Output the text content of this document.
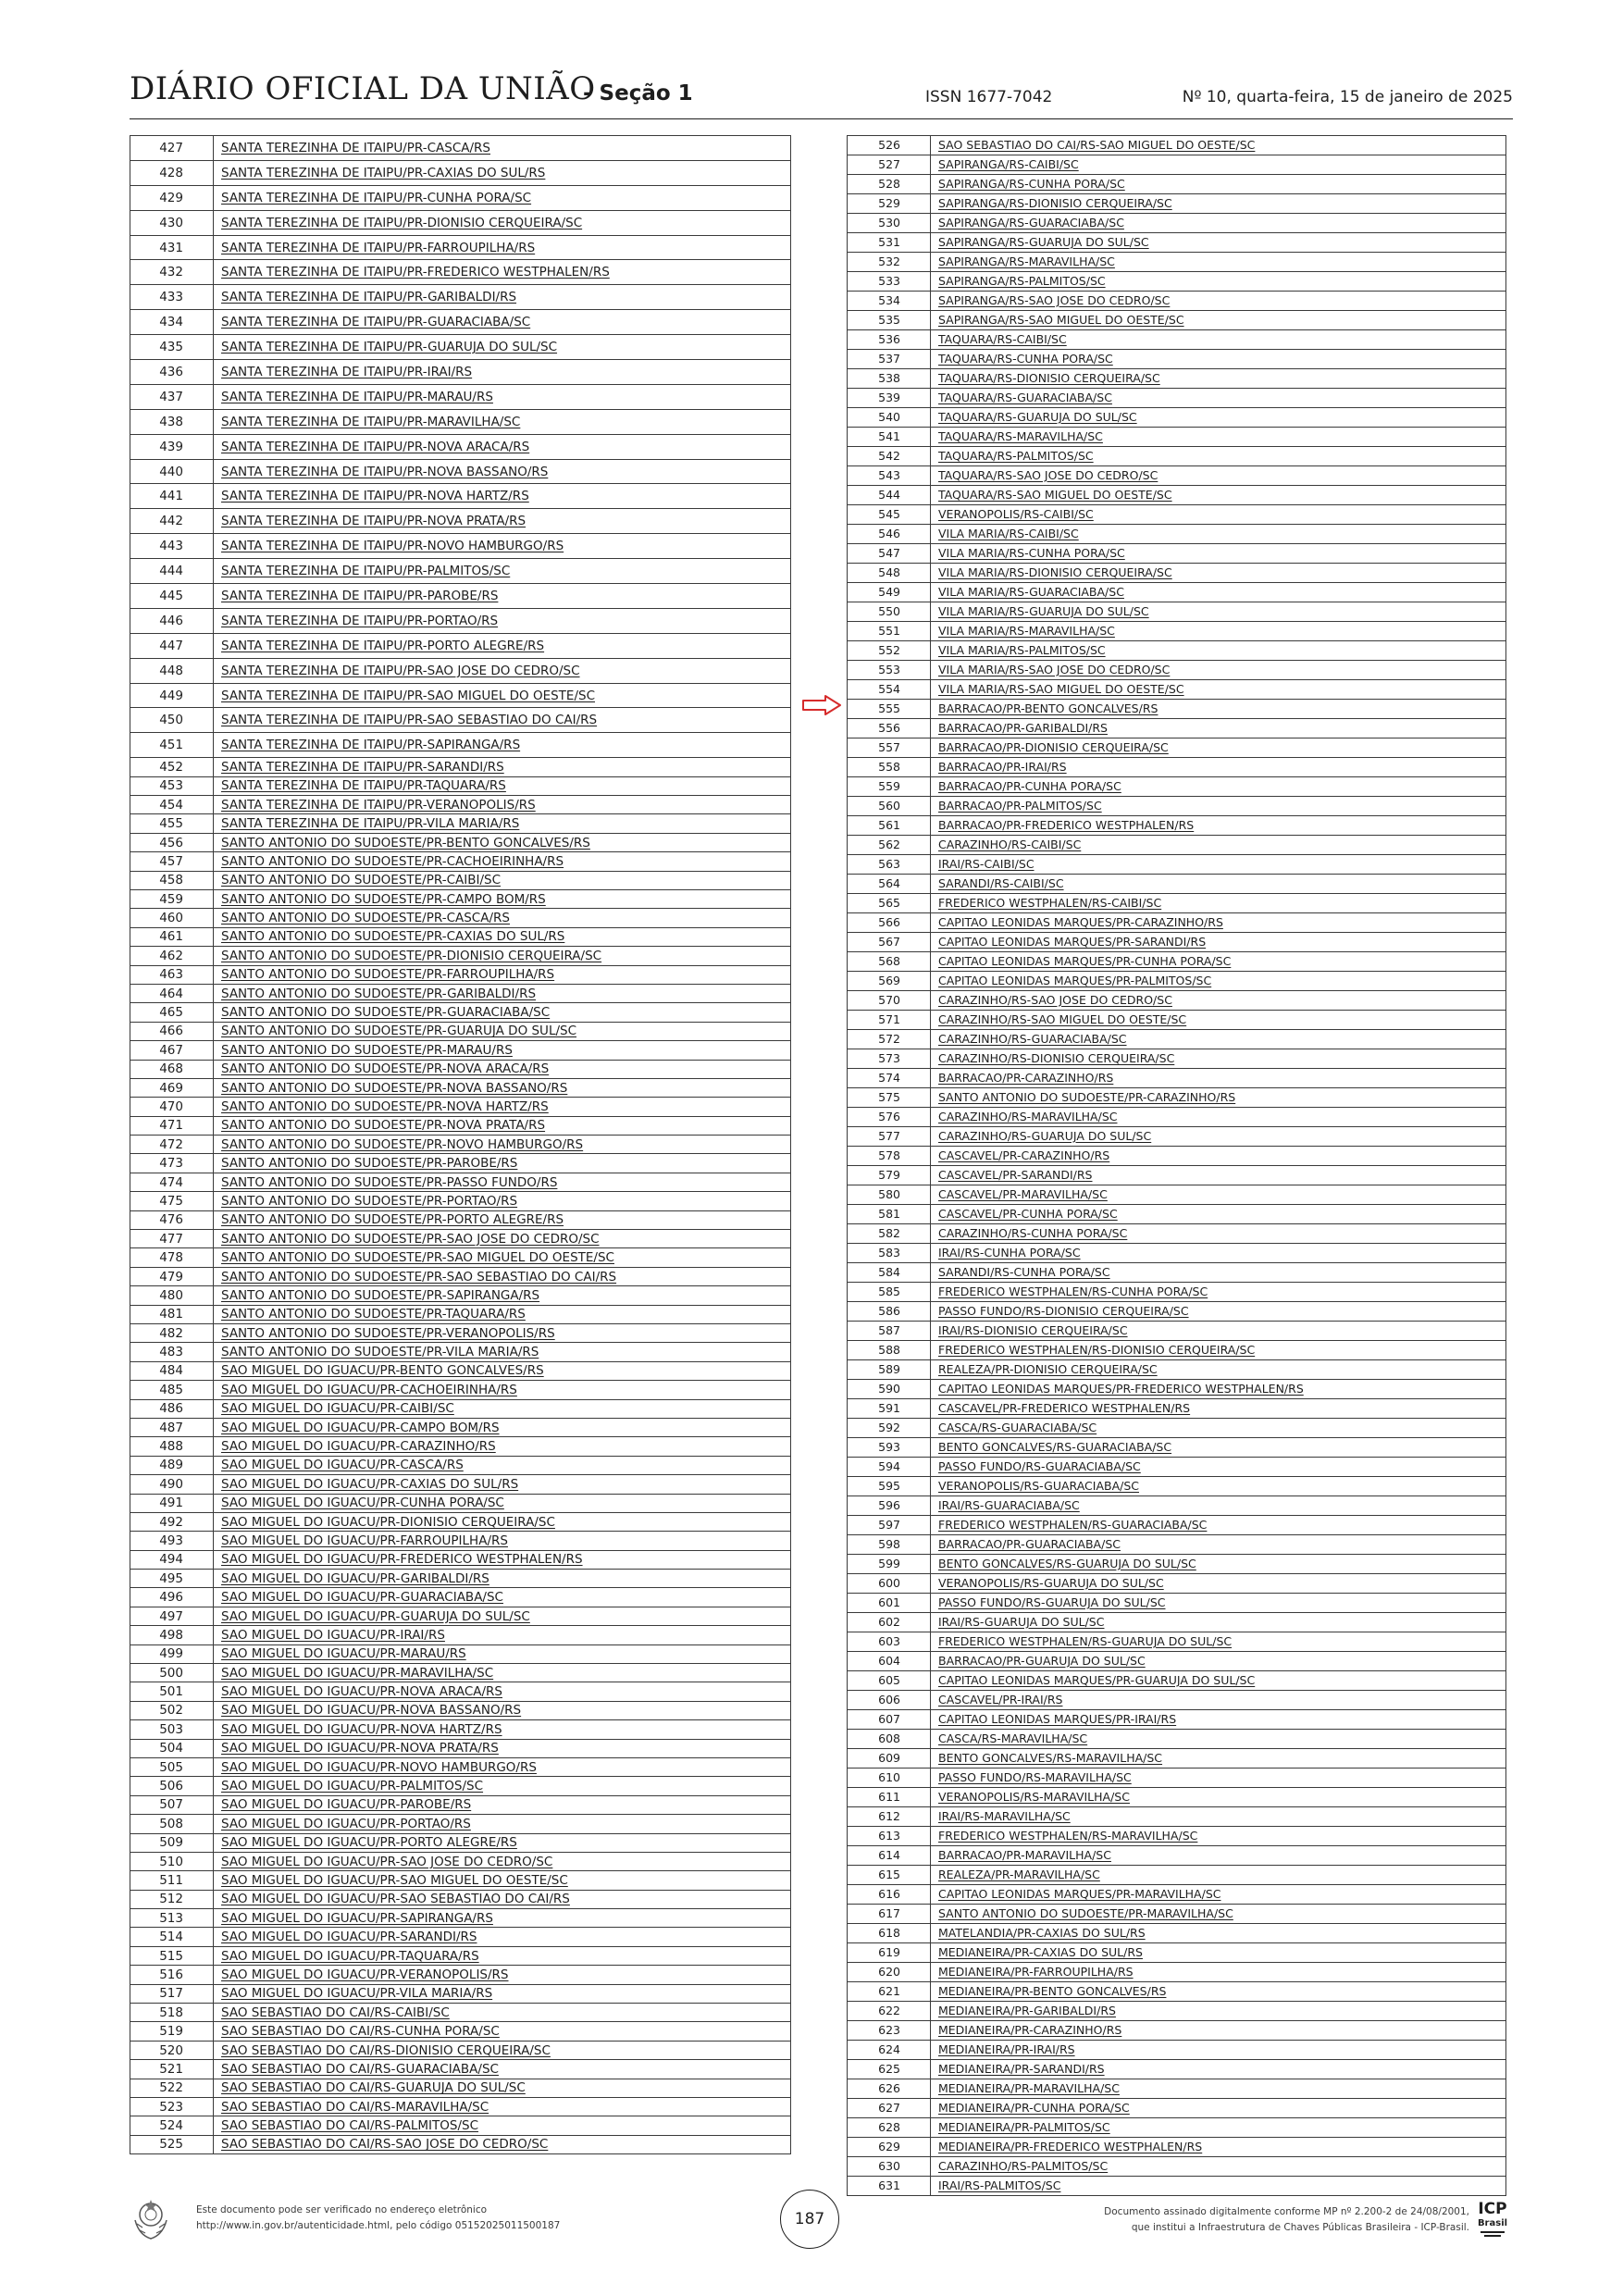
DIÁRIO OFICIAL DA UNIÃO
- Seção 1	ISSN 1677-7042	Nº 10, quarta-feira, 15 de janeiro de 2025
427	SANTA TEREZINHA DE ITAIPU/PR-CASCA/RS
428	SANTA TEREZINHA DE ITAIPU/PR-CAXIAS DO SUL/RS
429	SANTA TEREZINHA DE ITAIPU/PR-CUNHA PORA/SC
430	SANTA TEREZINHA DE ITAIPU/PR-DIONISIO CERQUEIRA/SC
431	SANTA TEREZINHA DE ITAIPU/PR-FARROUPILHA/RS
432	SANTA TEREZINHA DE ITAIPU/PR-FREDERICO WESTPHALEN/RS
433	SANTA TEREZINHA DE ITAIPU/PR-GARIBALDI/RS
434	SANTA TEREZINHA DE ITAIPU/PR-GUARACIABA/SC
435	SANTA TEREZINHA DE ITAIPU/PR-GUARUJA DO SUL/SC
436	SANTA TEREZINHA DE ITAIPU/PR-IRAI/RS
437	SANTA TEREZINHA DE ITAIPU/PR-MARAU/RS
438	SANTA TEREZINHA DE ITAIPU/PR-MARAVILHA/SC
439	SANTA TEREZINHA DE ITAIPU/PR-NOVA ARACA/RS
440	SANTA TEREZINHA DE ITAIPU/PR-NOVA BASSANO/RS
441	SANTA TEREZINHA DE ITAIPU/PR-NOVA HARTZ/RS
442	SANTA TEREZINHA DE ITAIPU/PR-NOVA PRATA/RS
443	SANTA TEREZINHA DE ITAIPU/PR-NOVO HAMBURGO/RS
444	SANTA TEREZINHA DE ITAIPU/PR-PALMITOS/SC
445	SANTA TEREZINHA DE ITAIPU/PR-PAROBE/RS
446	SANTA TEREZINHA DE ITAIPU/PR-PORTAO/RS
447	SANTA TEREZINHA DE ITAIPU/PR-PORTO ALEGRE/RS
448	SANTA TEREZINHA DE ITAIPU/PR-SAO JOSE DO CEDRO/SC
449	SANTA TEREZINHA DE ITAIPU/PR-SAO MIGUEL DO OESTE/SC
450	SANTA TEREZINHA DE ITAIPU/PR-SAO SEBASTIAO DO CAI/RS
451	SANTA TEREZINHA DE ITAIPU/PR-SAPIRANGA/RS
452	SANTA TEREZINHA DE ITAIPU/PR-SARANDI/RS
453	SANTA TEREZINHA DE ITAIPU/PR-TAQUARA/RS
454	SANTA TEREZINHA DE ITAIPU/PR-VERANOPOLIS/RS
455	SANTA TEREZINHA DE ITAIPU/PR-VILA MARIA/RS
456	SANTO ANTONIO DO SUDOESTE/PR-BENTO GONCALVES/RS
457	SANTO ANTONIO DO SUDOESTE/PR-CACHOEIRINHA/RS
458	SANTO ANTONIO DO SUDOESTE/PR-CAIBI/SC
459	SANTO ANTONIO DO SUDOESTE/PR-CAMPO BOM/RS
460	SANTO ANTONIO DO SUDOESTE/PR-CASCA/RS
461	SANTO ANTONIO DO SUDOESTE/PR-CAXIAS DO SUL/RS
462	SANTO ANTONIO DO SUDOESTE/PR-DIONISIO CERQUEIRA/SC
463	SANTO ANTONIO DO SUDOESTE/PR-FARROUPILHA/RS
464	SANTO ANTONIO DO SUDOESTE/PR-GARIBALDI/RS
465	SANTO ANTONIO DO SUDOESTE/PR-GUARACIABA/SC
466	SANTO ANTONIO DO SUDOESTE/PR-GUARUJA DO SUL/SC
467	SANTO ANTONIO DO SUDOESTE/PR-MARAU/RS
468	SANTO ANTONIO DO SUDOESTE/PR-NOVA ARACA/RS
469	SANTO ANTONIO DO SUDOESTE/PR-NOVA BASSANO/RS
470	SANTO ANTONIO DO SUDOESTE/PR-NOVA HARTZ/RS
471	SANTO ANTONIO DO SUDOESTE/PR-NOVA PRATA/RS
472	SANTO ANTONIO DO SUDOESTE/PR-NOVO HAMBURGO/RS
473	SANTO ANTONIO DO SUDOESTE/PR-PAROBE/RS
474	SANTO ANTONIO DO SUDOESTE/PR-PASSO FUNDO/RS
475	SANTO ANTONIO DO SUDOESTE/PR-PORTAO/RS
476	SANTO ANTONIO DO SUDOESTE/PR-PORTO ALEGRE/RS
477	SANTO ANTONIO DO SUDOESTE/PR-SAO JOSE DO CEDRO/SC
478	SANTO ANTONIO DO SUDOESTE/PR-SAO MIGUEL DO OESTE/SC
479	SANTO ANTONIO DO SUDOESTE/PR-SAO SEBASTIAO DO CAI/RS
480	SANTO ANTONIO DO SUDOESTE/PR-SAPIRANGA/RS
481	SANTO ANTONIO DO SUDOESTE/PR-TAQUARA/RS
482	SANTO ANTONIO DO SUDOESTE/PR-VERANOPOLIS/RS
483	SANTO ANTONIO DO SUDOESTE/PR-VILA MARIA/RS
484	SAO MIGUEL DO IGUACU/PR-BENTO GONCALVES/RS
485	SAO MIGUEL DO IGUACU/PR-CACHOEIRINHA/RS
486	SAO MIGUEL DO IGUACU/PR-CAIBI/SC
487	SAO MIGUEL DO IGUACU/PR-CAMPO BOM/RS
488	SAO MIGUEL DO IGUACU/PR-CARAZINHO/RS
489	SAO MIGUEL DO IGUACU/PR-CASCA/RS
490	SAO MIGUEL DO IGUACU/PR-CAXIAS DO SUL/RS
491	SAO MIGUEL DO IGUACU/PR-CUNHA PORA/SC
492	SAO MIGUEL DO IGUACU/PR-DIONISIO CERQUEIRA/SC
493	SAO MIGUEL DO IGUACU/PR-FARROUPILHA/RS
494	SAO MIGUEL DO IGUACU/PR-FREDERICO WESTPHALEN/RS
495	SAO MIGUEL DO IGUACU/PR-GARIBALDI/RS
496	SAO MIGUEL DO IGUACU/PR-GUARACIABA/SC
497	SAO MIGUEL DO IGUACU/PR-GUARUJA DO SUL/SC
498	SAO MIGUEL DO IGUACU/PR-IRAI/RS
499	SAO MIGUEL DO IGUACU/PR-MARAU/RS
500	SAO MIGUEL DO IGUACU/PR-MARAVILHA/SC
501	SAO MIGUEL DO IGUACU/PR-NOVA ARACA/RS
502	SAO MIGUEL DO IGUACU/PR-NOVA BASSANO/RS
503	SAO MIGUEL DO IGUACU/PR-NOVA HARTZ/RS
504	SAO MIGUEL DO IGUACU/PR-NOVA PRATA/RS
505	SAO MIGUEL DO IGUACU/PR-NOVO HAMBURGO/RS
506	SAO MIGUEL DO IGUACU/PR-PALMITOS/SC
507	SAO MIGUEL DO IGUACU/PR-PAROBE/RS
508	SAO MIGUEL DO IGUACU/PR-PORTAO/RS
509	SAO MIGUEL DO IGUACU/PR-PORTO ALEGRE/RS
510	SAO MIGUEL DO IGUACU/PR-SAO JOSE DO CEDRO/SC
511	SAO MIGUEL DO IGUACU/PR-SAO MIGUEL DO OESTE/SC
512	SAO MIGUEL DO IGUACU/PR-SAO SEBASTIAO DO CAI/RS
513	SAO MIGUEL DO IGUACU/PR-SAPIRANGA/RS
514	SAO MIGUEL DO IGUACU/PR-SARANDI/RS
515	SAO MIGUEL DO IGUACU/PR-TAQUARA/RS
516	SAO MIGUEL DO IGUACU/PR-VERANOPOLIS/RS
517	SAO MIGUEL DO IGUACU/PR-VILA MARIA/RS
518	SAO SEBASTIAO DO CAI/RS-CAIBI/SC
519	SAO SEBASTIAO DO CAI/RS-CUNHA PORA/SC
520	SAO SEBASTIAO DO CAI/RS-DIONISIO CERQUEIRA/SC
521	SAO SEBASTIAO DO CAI/RS-GUARACIABA/SC
522	SAO SEBASTIAO DO CAI/RS-GUARUJA DO SUL/SC
523	SAO SEBASTIAO DO CAI/RS-MARAVILHA/SC
524	SAO SEBASTIAO DO CAI/RS-PALMITOS/SC
525	SAO SEBASTIAO DO CAI/RS-SAO JOSE DO CEDRO/SC
526	SAO SEBASTIAO DO CAI/RS-SAO MIGUEL DO OESTE/SC
527	SAPIRANGA/RS-CAIBI/SC
528	SAPIRANGA/RS-CUNHA PORA/SC
529	SAPIRANGA/RS-DIONISIO CERQUEIRA/SC
530	SAPIRANGA/RS-GUARACIABA/SC
531	SAPIRANGA/RS-GUARUJA DO SUL/SC
532	SAPIRANGA/RS-MARAVILHA/SC
533	SAPIRANGA/RS-PALMITOS/SC
534	SAPIRANGA/RS-SAO JOSE DO CEDRO/SC
535	SAPIRANGA/RS-SAO MIGUEL DO OESTE/SC
536	TAQUARA/RS-CAIBI/SC
537	TAQUARA/RS-CUNHA PORA/SC
538	TAQUARA/RS-DIONISIO CERQUEIRA/SC
539	TAQUARA/RS-GUARACIABA/SC
540	TAQUARA/RS-GUARUJA DO SUL/SC
541	TAQUARA/RS-MARAVILHA/SC
542	TAQUARA/RS-PALMITOS/SC
543	TAQUARA/RS-SAO JOSE DO CEDRO/SC
544	TAQUARA/RS-SAO MIGUEL DO OESTE/SC
545	VERANOPOLIS/RS-CAIBI/SC
546	VILA MARIA/RS-CAIBI/SC
547	VILA MARIA/RS-CUNHA PORA/SC
548	VILA MARIA/RS-DIONISIO CERQUEIRA/SC
549	VILA MARIA/RS-GUARACIABA/SC
550	VILA MARIA/RS-GUARUJA DO SUL/SC
551	VILA MARIA/RS-MARAVILHA/SC
552	VILA MARIA/RS-PALMITOS/SC
553	VILA MARIA/RS-SAO JOSE DO CEDRO/SC
554	VILA MARIA/RS-SAO MIGUEL DO OESTE/SC
555	BARRACAO/PR-BENTO GONCALVES/RS
556	BARRACAO/PR-GARIBALDI/RS
557	BARRACAO/PR-DIONISIO CERQUEIRA/SC
558	BARRACAO/PR-IRAI/RS
559	BARRACAO/PR-CUNHA PORA/SC
560	BARRACAO/PR-PALMITOS/SC
561	BARRACAO/PR-FREDERICO WESTPHALEN/RS
562	CARAZINHO/RS-CAIBI/SC
563	IRAI/RS-CAIBI/SC
564	SARANDI/RS-CAIBI/SC
565	FREDERICO WESTPHALEN/RS-CAIBI/SC
566	CAPITAO LEONIDAS MARQUES/PR-CARAZINHO/RS
567	CAPITAO LEONIDAS MARQUES/PR-SARANDI/RS
568	CAPITAO LEONIDAS MARQUES/PR-CUNHA PORA/SC
569	CAPITAO LEONIDAS MARQUES/PR-PALMITOS/SC
570	CARAZINHO/RS-SAO JOSE DO CEDRO/SC
571	CARAZINHO/RS-SAO MIGUEL DO OESTE/SC
572	CARAZINHO/RS-GUARACIABA/SC
573	CARAZINHO/RS-DIONISIO CERQUEIRA/SC
574	BARRACAO/PR-CARAZINHO/RS
575	SANTO ANTONIO DO SUDOESTE/PR-CARAZINHO/RS
576	CARAZINHO/RS-MARAVILHA/SC
577	CARAZINHO/RS-GUARUJA DO SUL/SC
578	CASCAVEL/PR-CARAZINHO/RS
579	CASCAVEL/PR-SARANDI/RS
580	CASCAVEL/PR-MARAVILHA/SC
581	CASCAVEL/PR-CUNHA PORA/SC
582	CARAZINHO/RS-CUNHA PORA/SC
583	IRAI/RS-CUNHA PORA/SC
584	SARANDI/RS-CUNHA PORA/SC
585	FREDERICO WESTPHALEN/RS-CUNHA PORA/SC
586	PASSO FUNDO/RS-DIONISIO CERQUEIRA/SC
587	IRAI/RS-DIONISIO CERQUEIRA/SC
588	FREDERICO WESTPHALEN/RS-DIONISIO CERQUEIRA/SC
589	REALEZA/PR-DIONISIO CERQUEIRA/SC
590	CAPITAO LEONIDAS MARQUES/PR-FREDERICO WESTPHALEN/RS
591	CASCAVEL/PR-FREDERICO WESTPHALEN/RS
592	CASCA/RS-GUARACIABA/SC
593	BENTO GONCALVES/RS-GUARACIABA/SC
594	PASSO FUNDO/RS-GUARACIABA/SC
595	VERANOPOLIS/RS-GUARACIABA/SC
596	IRAI/RS-GUARACIABA/SC
597	FREDERICO WESTPHALEN/RS-GUARACIABA/SC
598	BARRACAO/PR-GUARACIABA/SC
599	BENTO GONCALVES/RS-GUARUJA DO SUL/SC
600	VERANOPOLIS/RS-GUARUJA DO SUL/SC
601	PASSO FUNDO/RS-GUARUJA DO SUL/SC
602	IRAI/RS-GUARUJA DO SUL/SC
603	FREDERICO WESTPHALEN/RS-GUARUJA DO SUL/SC
604	BARRACAO/PR-GUARUJA DO SUL/SC
605	CAPITAO LEONIDAS MARQUES/PR-GUARUJA DO SUL/SC
606	CASCAVEL/PR-IRAI/RS
607	CAPITAO LEONIDAS MARQUES/PR-IRAI/RS
608	CASCA/RS-MARAVILHA/SC
609	BENTO GONCALVES/RS-MARAVILHA/SC
610	PASSO FUNDO/RS-MARAVILHA/SC
611	VERANOPOLIS/RS-MARAVILHA/SC
612	IRAI/RS-MARAVILHA/SC
613	FREDERICO WESTPHALEN/RS-MARAVILHA/SC
614	BARRACAO/PR-MARAVILHA/SC
615	REALEZA/PR-MARAVILHA/SC
616	CAPITAO LEONIDAS MARQUES/PR-MARAVILHA/SC
617	SANTO ANTONIO DO SUDOESTE/PR-MARAVILHA/SC
618	MATELANDIA/PR-CAXIAS DO SUL/RS
619	MEDIANEIRA/PR-CAXIAS DO SUL/RS
620	MEDIANEIRA/PR-FARROUPILHA/RS
621	MEDIANEIRA/PR-BENTO GONCALVES/RS
622	MEDIANEIRA/PR-GARIBALDI/RS
623	MEDIANEIRA/PR-CARAZINHO/RS
624	MEDIANEIRA/PR-IRAI/RS
625	MEDIANEIRA/PR-SARANDI/RS
626	MEDIANEIRA/PR-MARAVILHA/SC
627	MEDIANEIRA/PR-CUNHA PORA/SC
628	MEDIANEIRA/PR-PALMITOS/SC
629	MEDIANEIRA/PR-FREDERICO WESTPHALEN/RS
630	CARAZINHO/RS-PALMITOS/SC
631	IRAI/RS-PALMITOS/SC
Este documento pode ser verificado no endereço eletrônico
http://www.in.gov.br/autenticidade.html, pelo código 05152025011500187	187	Documento assinado digitalmente conforme MP nº 2.200-2 de 24/08/2001,
que institui a Infraestrutura de Chaves Públicas Brasileira - ICP-Brasil.
ICP
Brasil
